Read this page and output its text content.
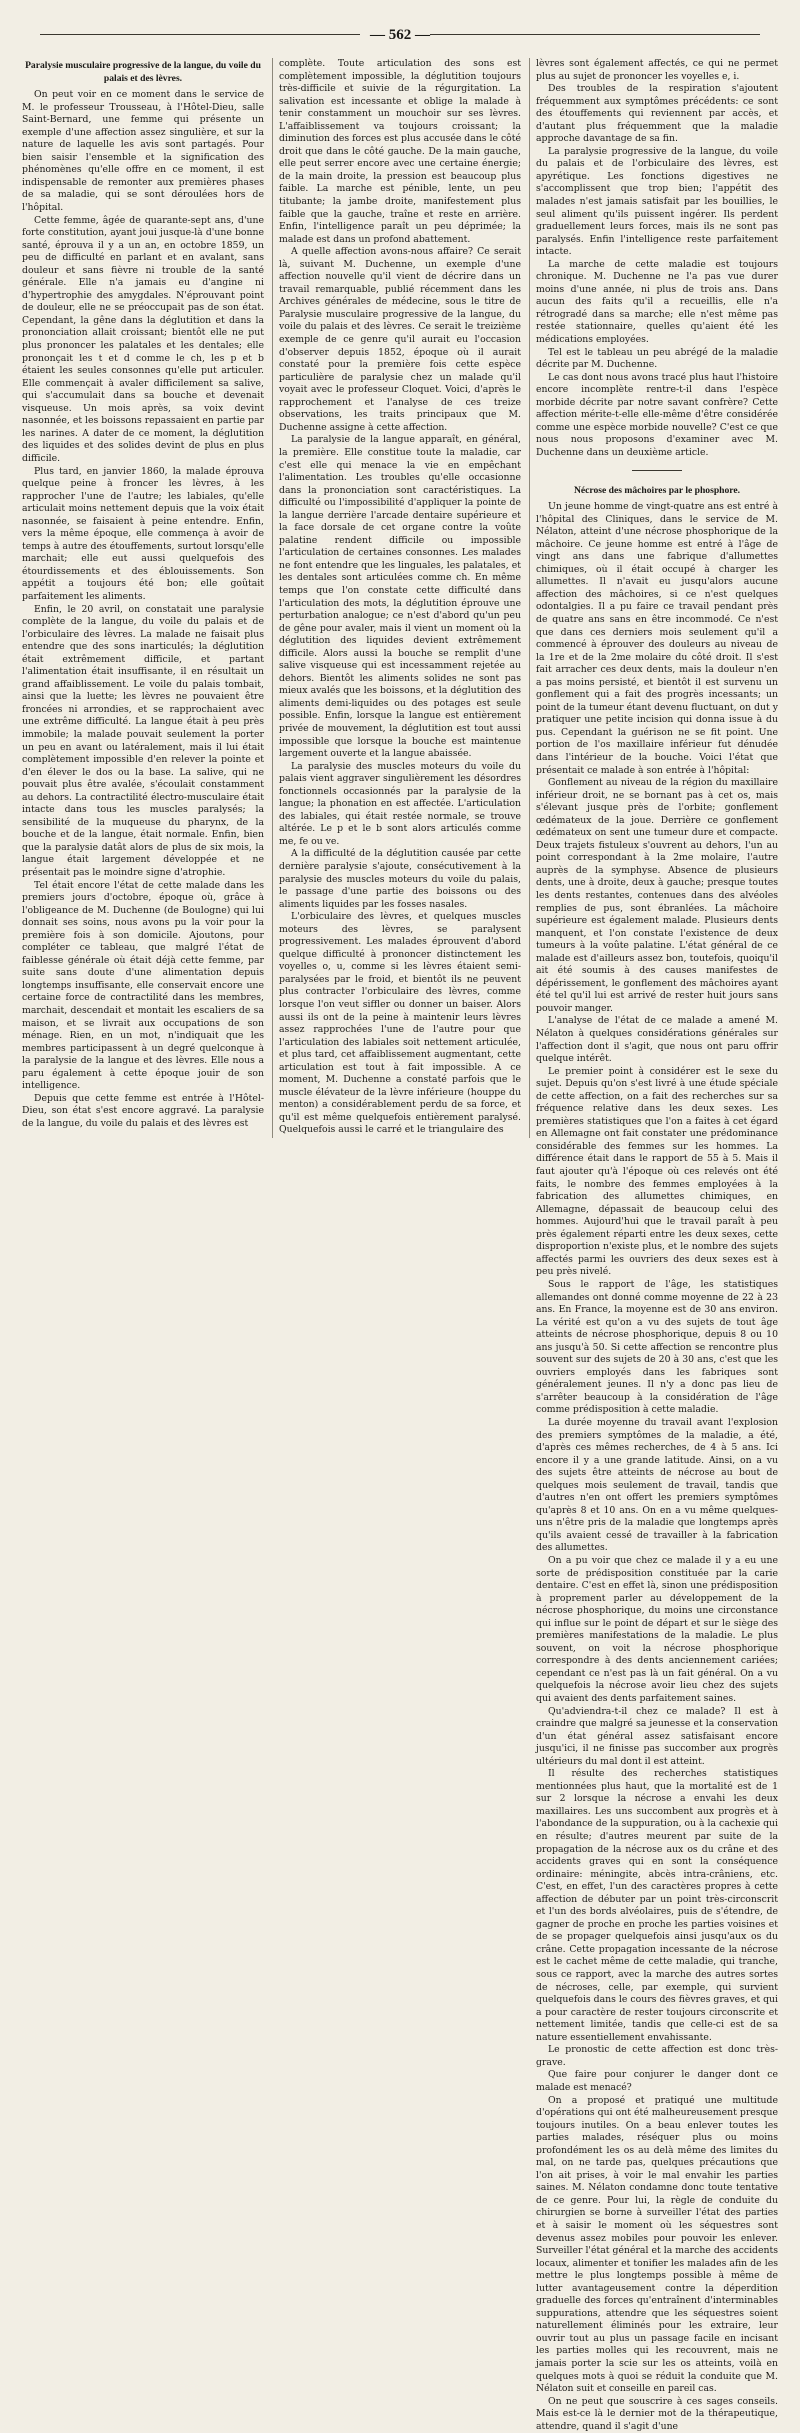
— 562 —
Paralysie musculaire progressive de la langue, du voile du palais et des lèvres.

On peut voir en ce moment dans le service de M. le professeur Trousseau, à l'Hôtel-Dieu, salle Saint-Bernard, une femme qui présente un exemple d'une affection assez singulière, et sur la nature de laquelle les avis sont partagés. Pour bien saisir l'ensemble et la signification des phénomènes qu'elle offre en ce moment, il est indispensable de remonter aux premières phases de sa maladie, qui se sont déroulées hors de l'hôpital.

Cette femme, âgée de quarante-sept ans, d'une forte constitution, ayant joui jusque-là d'une bonne santé, éprouva il y a un an, en octobre 1859, un peu de difficulté en parlant et en avalant, sans douleur et sans fièvre ni trouble de la santé générale. Elle n'a jamais eu d'angine ni d'hypertrophie des amygdales. N'éprouvant point de douleur, elle ne se préoccupait pas de son état. Cependant, la gêne dans la déglutition et dans la prononciation allait croissant; bientôt elle ne put plus prononcer les palatales et les dentales; elle prononçait les t et d comme le ch, les p et b étaient les seules consonnes qu'elle put articuler. Elle commençait à avaler difficilement sa salive, qui s'accumulait dans sa bouche et devenait visqueuse. Un mois après, sa voix devint nasonnée, et les boissons repassaient en partie par les narines. A dater de ce moment, la déglutition des liquides et des solides devint de plus en plus difficile.

Plus tard, en janvier 1860, la malade éprouva quelque peine à froncer les lèvres, à les rapprocher l'une de l'autre; les labiales, qu'elle articulait moins nettement depuis que la voix était nasonnée, se faisaient à peine entendre. Enfin, vers la même époque, elle commença à avoir de temps à autre des étouffements, surtout lorsqu'elle marchait; elle eut aussi quelquefois des étourdissements et des éblouissements. Son appétit a toujours été bon; elle goûtait parfaitement les aliments.

Enfin, le 20 avril, on constatait une paralysie complète de la langue, du voile du palais et de l'orbiculaire des lèvres. La malade ne faisait plus entendre que des sons inarticulés; la déglutition était extrêmement difficile, et partant l'alimentation était insuffisante, il en résultait un grand affaiblissement. Le voile du palais tombait, ainsi que la luette; les lèvres ne pouvaient être froncées ni arrondies, et se rapprochaient avec une extrême difficulté. La langue était à peu près immobile; la malade pouvait seulement la porter un peu en avant ou latéralement, mais il lui était complètement impossible d'en relever la pointe et d'en élever le dos ou la base. La salive, qui ne pouvait plus être avalée, s'écoulait constamment au dehors. La contractilité électro-musculaire était intacte dans tous les muscles paralysés; la sensibilité de la muqueuse du pharynx, de la bouche et de la langue, était normale. Enfin, bien que la paralysie datât alors de plus de six mois, la langue était largement développée et ne présentait pas le moindre signe d'atrophie.

Tel était encore l'état de cette malade dans les premiers jours d'octobre, époque où, grâce à l'obligeance de M. Duchenne (de Boulogne) qui lui donnait ses soins, nous avons pu la voir pour la première fois à son domicile. Ajoutons, pour compléter ce tableau, que malgré l'état de faiblesse générale où était déjà cette femme, par suite sans doute d'une alimentation depuis longtemps insuffisante, elle conservait encore une certaine force de contractilité dans les membres, marchait, descendait et montait les escaliers de sa maison, et se livrait aux occupations de son ménage. Rien, en un mot, n'indiquait que les membres participassent à un degré quelconque à la paralysie de la langue et des lèvres. Elle nous a paru également à cette époque jouir de son intelligence.

Depuis que cette femme est entrée à l'Hôtel-Dieu, son état s'est encore aggravé. La paralysie de la langue, du voile du palais et des lèvres est

complète. Toute articulation des sons est complètement impossible, la déglutition toujours très-difficile et suivie de la régurgitation. La salivation est incessante et oblige la malade à tenir constamment un mouchoir sur ses lèvres. L'affaiblissement va toujours croissant; la diminution des forces est plus accusée dans le côté droit que dans le côté gauche. De la main gauche, elle peut serrer encore avec une certaine énergie; de la main droite, la pression est beaucoup plus faible. La marche est pénible, lente, un peu titubante; la jambe droite, manifestement plus faible que la gauche, traîne et reste en arrière. Enfin, l'intelligence paraît un peu déprimée; la malade est dans un profond abattement.

A quelle affection avons-nous affaire? Ce serait là, suivant M. Duchenne, un exemple d'une affection nouvelle qu'il vient de décrire dans un travail remarquable, publié récemment dans les Archives générales de médecine, sous le titre de Paralysie musculaire progressive de la langue, du voile du palais et des lèvres. Ce serait le treizième exemple de ce genre qu'il aurait eu l'occasion d'observer depuis 1852, époque où il aurait constaté pour la première fois cette espèce particulière de paralysie chez un malade qu'il voyait avec le professeur Cloquet. Voici, d'après le rapprochement et l'analyse de ces treize observations, les traits principaux que M. Duchenne assigne à cette affection.

La paralysie de la langue apparaît, en général, la première. Elle constitue toute la maladie, car c'est elle qui menace la vie en empêchant l'alimentation. Les troubles qu'elle occasionne dans la prononciation sont caractéristiques. La difficulté ou l'impossibilité d'appliquer la pointe de la langue derrière l'arcade dentaire supérieure et la face dorsale de cet organe contre la voûte palatine rendent difficile ou impossible l'articulation de certaines consonnes. Les malades ne font entendre que les linguales, les palatales, et les dentales sont articulées comme ch. En même temps que l'on constate cette difficulté dans l'articulation des mots, la déglutition éprouve une perturbation analogue; ce n'est d'abord qu'un peu de gêne pour avaler, mais il vient un moment où la déglutition des liquides devient extrêmement difficile. Alors aussi la bouche se remplit d'une salive visqueuse qui est incessamment rejetée au dehors. Bientôt les aliments solides ne sont pas mieux avalés que les boissons, et la déglutition des aliments demi-liquides ou des potages est seule possible. Enfin, lorsque la langue est entièrement privée de mouvement, la déglutition est tout aussi impossible que lorsque la bouche est maintenue largement ouverte et la langue abaissée.

La paralysie des muscles moteurs du voile du palais vient aggraver singulièrement les désordres fonctionnels occasionnés par la paralysie de la langue; la phonation en est affectée. L'articulation des labiales, qui était restée normale, se trouve altérée. Le p et le b sont alors articulés comme me, fe ou ve.

A la difficulté de la déglutition causée par cette dernière paralysie s'ajoute, consécutivement à la paralysie des muscles moteurs du voile du palais, le passage d'une partie des boissons ou des aliments liquides par les fosses nasales.

L'orbiculaire des lèvres, et quelques muscles moteurs des lèvres, se paralysent progressivement. Les malades éprouvent d'abord quelque difficulté à prononcer distinctement les voyelles o, u, comme si les lèvres étaient semi-paralysées par le froid, et bientôt ils ne peuvent plus contracter l'orbiculaire des lèvres, comme lorsque l'on veut siffler ou donner un baiser. Alors aussi ils ont de la peine à maintenir leurs lèvres assez rapprochées l'une de l'autre pour que l'articulation des labiales soit nettement articulée, et plus tard, cet affaiblissement augmentant, cette articulation est tout à fait impossible. A ce moment, M. Duchenne a constaté parfois que le muscle élévateur de la lèvre inférieure (houppe du menton) a considérablement perdu de sa force, et qu'il est même quelquefois entièrement paralysé. Quelquefois aussi le carré et le triangulaire des

lèvres sont également affectés, ce qui ne permet plus au sujet de prononcer les voyelles e, i.

Des troubles de la respiration s'ajoutent fréquemment aux symptômes précédents: ce sont des étouffements qui reviennent par accès, et d'autant plus fréquemment que la maladie approche davantage de sa fin.

La paralysie progressive de la langue, du voile du palais et de l'orbiculaire des lèvres, est apyrétique. Les fonctions digestives ne s'accomplissent que trop bien; l'appétit des malades n'est jamais satisfait par les bouillies, le seul aliment qu'ils puissent ingérer. Ils perdent graduellement leurs forces, mais ils ne sont pas paralysés. Enfin l'intelligence reste parfaitement intacte.

La marche de cette maladie est toujours chronique. M. Duchenne ne l'a pas vue durer moins d'une année, ni plus de trois ans. Dans aucun des faits qu'il a recueillis, elle n'a rétrogradé dans sa marche; elle n'est même pas restée stationnaire, quelles qu'aient été les médications employées.

Tel est le tableau un peu abrégé de la maladie décrite par M. Duchenne.

Le cas dont nous avons tracé plus haut l'histoire encore incomplète rentre-t-il dans l'espèce morbide décrite par notre savant confrère? Cette affection mérite-t-elle elle-même d'être considérée comme une espèce morbide nouvelle? C'est ce que nous nous proposons d'examiner avec M. Duchenne dans un deuxième article.

Nécrose des mâchoires par le phosphore.

Un jeune homme de vingt-quatre ans est entré à l'hôpital des Cliniques, dans le service de M. Nélaton, atteint d'une nécrose phosphorique de la mâchoire. Ce jeune homme est entré à l'âge de vingt ans dans une fabrique d'allumettes chimiques, où il était occupé à charger les allumettes. Il n'avait eu jusqu'alors aucune affection des mâchoires, si ce n'est quelques odontalgies. Il a pu faire ce travail pendant près de quatre ans sans en être incommodé. Ce n'est que dans ces derniers mois seulement qu'il a commencé à éprouver des douleurs au niveau de la 1re et de la 2me molaire du côté droit. Il s'est fait arracher ces deux dents, mais la douleur n'en a pas moins persisté, et bientôt il est survenu un gonflement qui a fait des progrès incessants; un point de la tumeur étant devenu fluctuant, on dut y pratiquer une petite incision qui donna issue à du pus. Cependant la guérison ne se fit point. Une portion de l'os maxillaire inférieur fut dénudée dans l'intérieur de la bouche. Voici l'état que présentait ce malade à son entrée à l'hôpital:

Gonflement au niveau de la région du maxillaire inférieur droit, ne se bornant pas à cet os, mais s'élevant jusque près de l'orbite; gonflement œdémateux de la joue. Derrière ce gonflement œdémateux on sent une tumeur dure et compacte. Deux trajets fistuleux s'ouvrent au dehors, l'un au point correspondant à la 2me molaire, l'autre auprès de la symphyse. Absence de plusieurs dents, une à droite, deux à gauche; presque toutes les dents restantes, contenues dans des alvéoles remplies de pus, sont ébranlées. La mâchoire supérieure est également malade. Plusieurs dents manquent, et l'on constate l'existence de deux tumeurs à la voûte palatine. L'état général de ce malade est d'ailleurs assez bon, toutefois, quoiqu'il ait été soumis à des causes manifestes de dépérissement, le gonflement des mâchoires ayant été tel qu'il lui est arrivé de rester huit jours sans pouvoir manger.

L'analyse de l'état de ce malade a amené M. Nélaton à quelques considérations générales sur l'affection dont il s'agit, que nous ont paru offrir quelque intérêt.

Le premier point à considérer est le sexe du sujet. Depuis qu'on s'est livré à une étude spéciale de cette affection, on a fait des recherches sur sa fréquence relative dans les deux sexes. Les premières statistiques que l'on a faites à cet égard en Allemagne ont fait constater une prédominance considérable des femmes sur les hommes. La différence était dans le rapport de 55 à 5. Mais il faut ajouter qu'à l'époque où ces relevés ont été faits, le nombre des femmes employées à la fabrication des allumettes chimiques, en Allemagne, dépassait de beaucoup celui des hommes. Aujourd'hui que le travail paraît à peu près également réparti entre les deux sexes, cette disproportion n'existe plus, et le nombre des sujets affectés parmi les ouvriers des deux sexes est à peu près nivelé.

Sous le rapport de l'âge, les statistiques allemandes ont donné comme moyenne de 22 à 23 ans. En France, la moyenne est de 30 ans environ. La vérité est qu'on a vu des sujets de tout âge atteints de nécrose phosphorique, depuis 8 ou 10 ans jusqu'à 50. Si cette affection se rencontre plus souvent sur des sujets de 20 à 30 ans, c'est que les ouvriers employés dans les fabriques sont généralement jeunes. Il n'y a donc pas lieu de s'arrêter beaucoup à la considération de l'âge comme prédisposition à cette maladie.

La durée moyenne du travail avant l'explosion des premiers symptômes de la maladie, a été, d'après ces mêmes recherches, de 4 à 5 ans. Ici encore il y a une grande latitude. Ainsi, on a vu des sujets être atteints de nécrose au bout de quelques mois seulement de travail, tandis que d'autres n'en ont offert les premiers symptômes qu'après 8 et 10 ans. On en a vu même quelques-uns n'être pris de la maladie que longtemps après qu'ils avaient cessé de travailler à la fabrication des allumettes.

On a pu voir que chez ce malade il y a eu une sorte de prédisposition constituée par la carie dentaire. C'est en effet là, sinon une prédisposition à proprement parler au développement de la nécrose phosphorique, du moins une circonstance qui influe sur le point de départ et sur le siège des premières manifestations de la maladie. Le plus souvent, on voit la nécrose phosphorique correspondre à des dents anciennement cariées; cependant ce n'est pas là un fait général. On a vu quelquefois la nécrose avoir lieu chez des sujets qui avaient des dents parfaitement saines.

Qu'adviendra-t-il chez ce malade? Il est à craindre que malgré sa jeunesse et la conservation d'un état général assez satisfaisant encore jusqu'ici, il ne finisse pas succomber aux progrès ultérieurs du mal dont il est atteint.

Il résulte des recherches statistiques mentionnées plus haut, que la mortalité est de 1 sur 2 lorsque la nécrose a envahi les deux maxillaires. Les uns succombent aux progrès et à l'abondance de la suppuration, ou à la cachexie qui en résulte; d'autres meurent par suite de la propagation de la nécrose aux os du crâne et des accidents graves qui en sont la conséquence ordinaire: méningite, abcès intra-crâniens, etc. C'est, en effet, l'un des caractères propres à cette affection de débuter par un point très-circonscrit et l'un des bords alvéolaires, puis de s'étendre, de gagner de proche en proche les parties voisines et de se propager quelquefois ainsi jusqu'aux os du crâne. Cette propagation incessante de la nécrose est le cachet même de cette maladie, qui tranche, sous ce rapport, avec la marche des autres sortes de nécroses, celle, par exemple, qui survient quelquefois dans le cours des fièvres graves, et qui a pour caractère de rester toujours circonscrite et nettement limitée, tandis que celle-ci est de sa nature essentiellement envahissante.

Le pronostic de cette affection est donc très-grave.

Que faire pour conjurer le danger dont ce malade est menacé?

On a proposé et pratiqué une multitude d'opérations qui ont été malheureusement presque toujours inutiles. On a beau enlever toutes les parties malades, réséquer plus ou moins profondément les os au delà même des limites du mal, on ne tarde pas, quelques précautions que l'on ait prises, à voir le mal envahir les parties saines. M. Nélaton condamne donc toute tentative de ce genre. Pour lui, la règle de conduite du chirurgien se borne à surveiller l'état des parties et à saisir le moment où les séquestres sont devenus assez mobiles pour pouvoir les enlever. Surveiller l'état général et la marche des accidents locaux, alimenter et tonifier les malades afin de les mettre le plus longtemps possible à même de lutter avantageusement contre la déperdition graduelle des forces qu'entraînent d'interminables suppurations, attendre que les séquestres soient naturellement éliminés pour les extraire, leur ouvrir tout au plus un passage facile en incisant les parties molles qui les recouvrent, mais ne jamais porter la scie sur les os atteints, voilà en quelques mots à quoi se réduit la conduite que M. Nélaton suit et conseille en pareil cas.

On ne peut que souscrire à ces sages conseils. Mais est-ce là le dernier mot de la thérapeutique, attendre, quand il s'agit d'une
